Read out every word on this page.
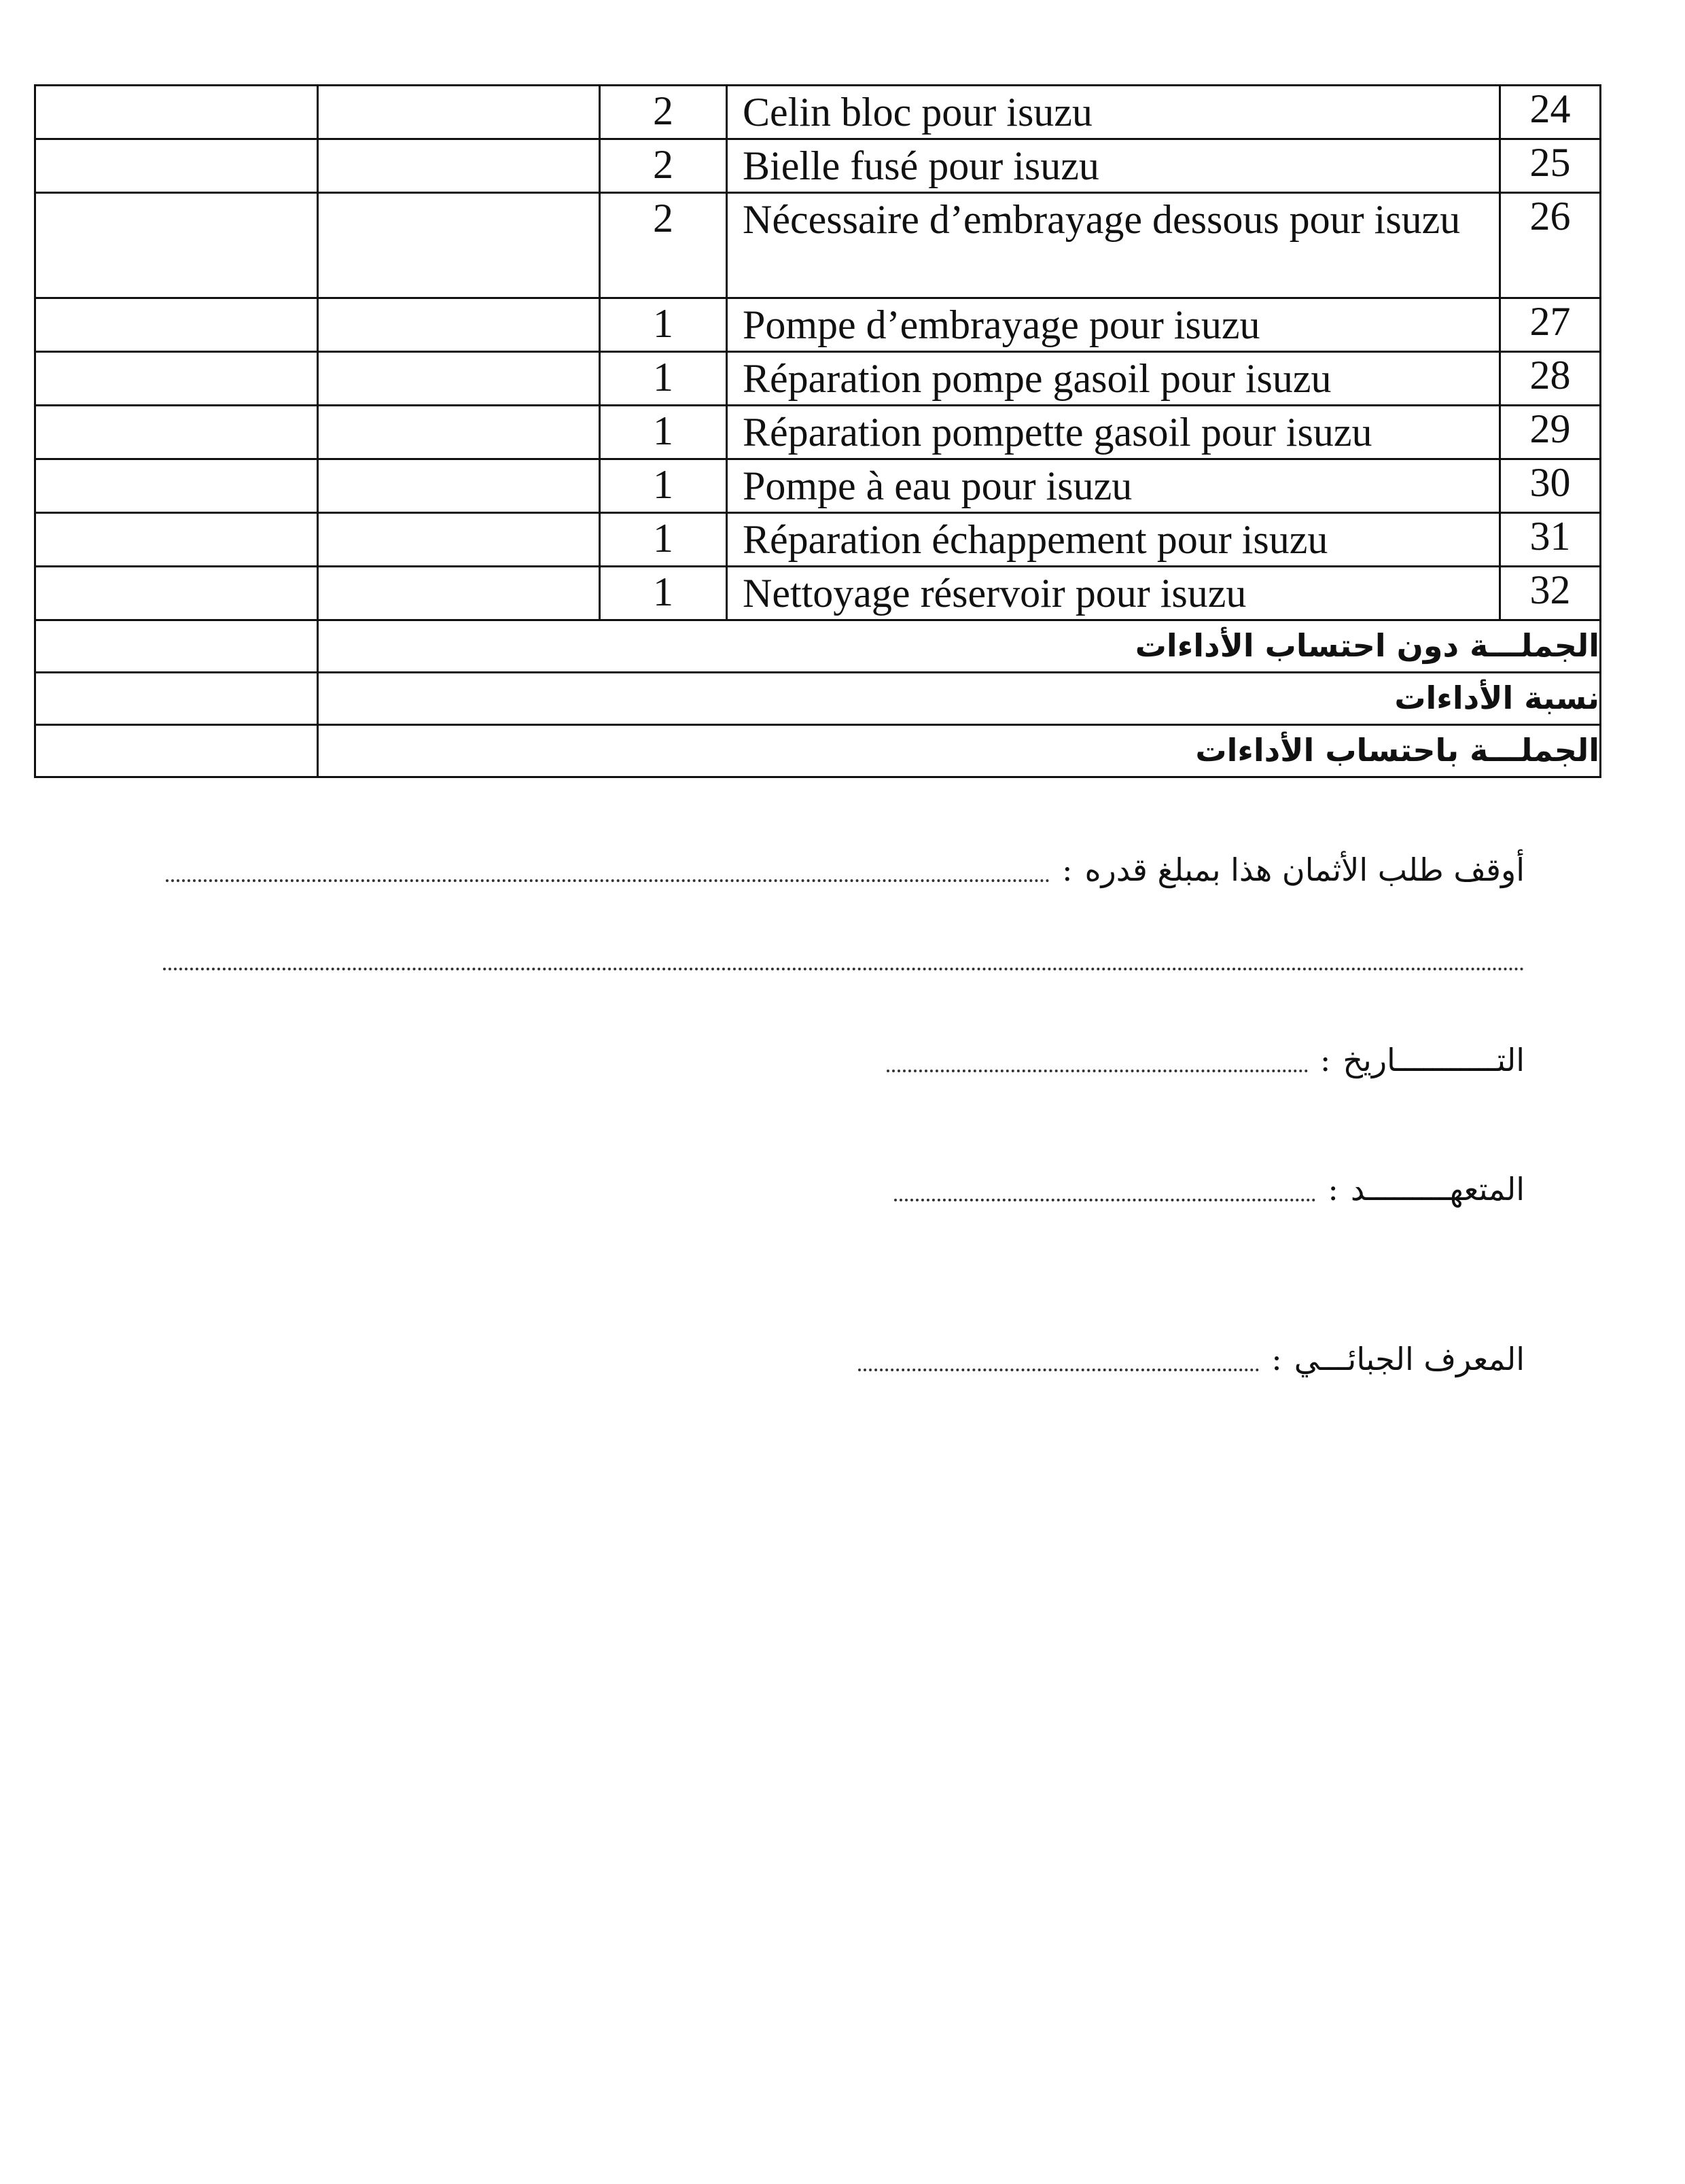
		2	Celin bloc pour isuzu	24
		2	Bielle fusé pour isuzu	25
		2	Nécessaire d’embrayage dessous pour isuzu	26
		1	Pompe d’embrayage pour isuzu	27
		1	Réparation pompe gasoil pour isuzu	28
		1	Réparation pompette gasoil pour isuzu	29
		1	Pompe à eau pour isuzu	30
		1	Réparation échappement pour isuzu	31
		1	Nettoyage réservoir pour isuzu	32
	الجملـــة دون احتساب الأداءات			
	نسبة الأداءات			
	الجملـــة باحتساب الأداءات			
أوقف طلب الأثمان هذا بمبلغ قدره
:
التـــــــــــاريخ
:
المتعهـــــــــد
:
المعرف الجبائـــي
:
